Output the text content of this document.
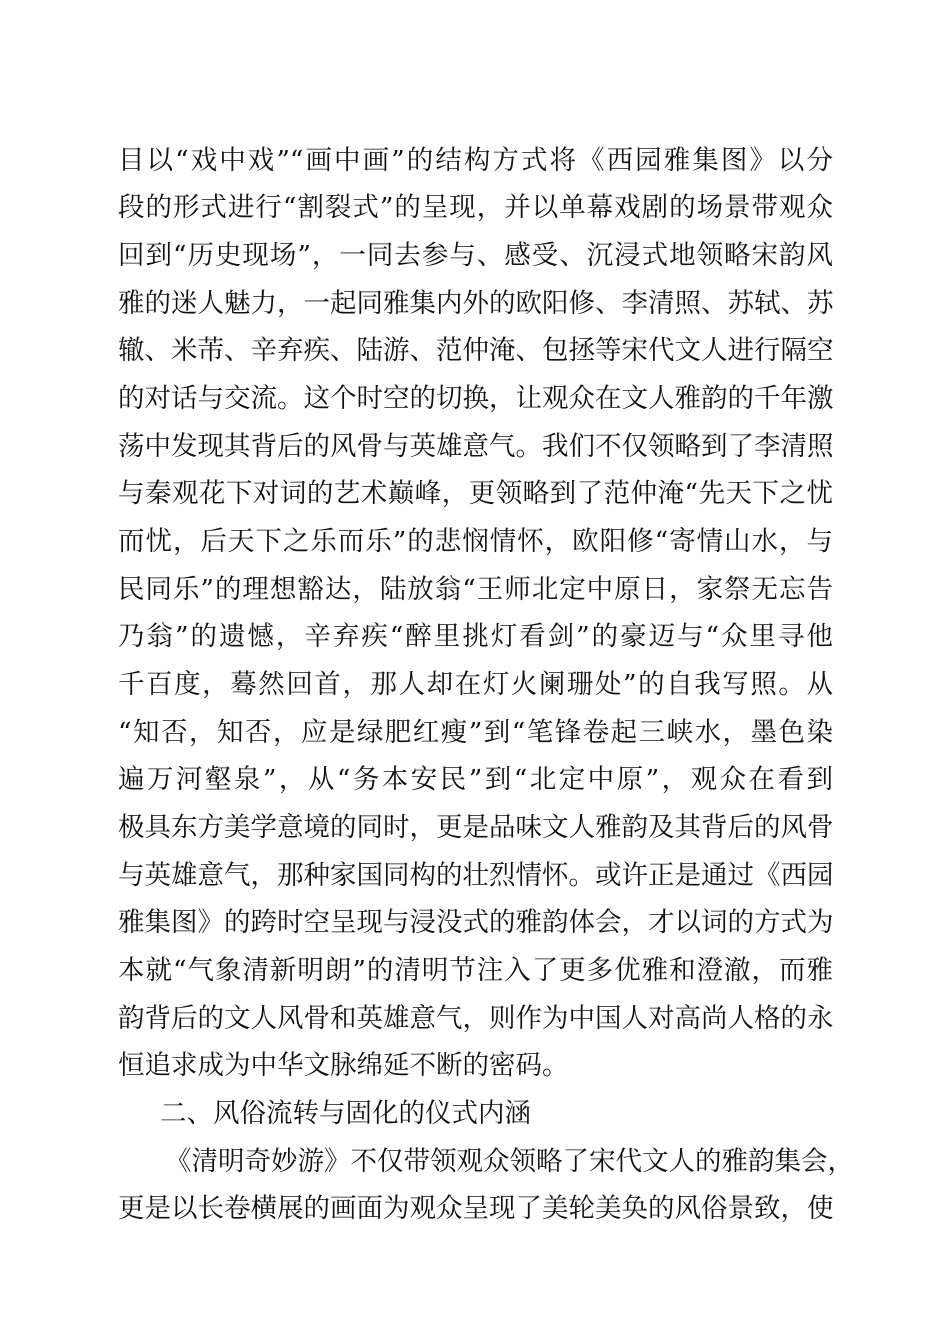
目以“戏中戏”“画中画”的结构方式将《西园雅集图》以分
段的形式进行“割裂式”的呈现，并以单幕戏剧的场景带观众
回到“历史现场”，一同去参与、感受、沉浸式地领略宋韵风
雅的迷人魅力，一起同雅集内外的欧阳修、李清照、苏轼、苏
辙、米芾、辛弃疾、陆游、范仲淹、包拯等宋代文人进行隔空
的对话与交流。这个时空的切换，让观众在文人雅韵的千年激
荡中发现其背后的风骨与英雄意气。我们不仅领略到了李清照
与秦观花下对词的艺术巅峰，更领略到了范仲淹“先天下之忧
而忧，后天下之乐而乐”的悲悯情怀，欧阳修“寄情山水，与
民同乐”的理想豁达，陆放翁“王师北定中原日，家祭无忘告
乃翁”的遗憾，辛弃疾“醉里挑灯看剑”的豪迈与“众里寻他
千百度，蓦然回首，那人却在灯火阑珊处”的自我写照。从
“知否，知否，应是绿肥红瘦”到“笔锋卷起三峡水，墨色染
遍万河壑泉”，从“务本安民”到“北定中原”，观众在看到
极具东方美学意境的同时，更是品味文人雅韵及其背后的风骨
与英雄意气，那种家国同构的壮烈情怀。或许正是通过《西园
雅集图》的跨时空呈现与浸没式的雅韵体会，才以词的方式为
本就“气象清新明朗”的清明节注入了更多优雅和澄澈，而雅
韵背后的文人风骨和英雄意气，则作为中国人对高尚人格的永
恒追求成为中华文脉绵延不断的密码。
二、风俗流转与固化的仪式内涵
《清明奇妙游》不仅带领观众领略了宋代文人的雅韵集会，
更是以长卷横展的画面为观众呈现了美轮美奂的风俗景致，使
